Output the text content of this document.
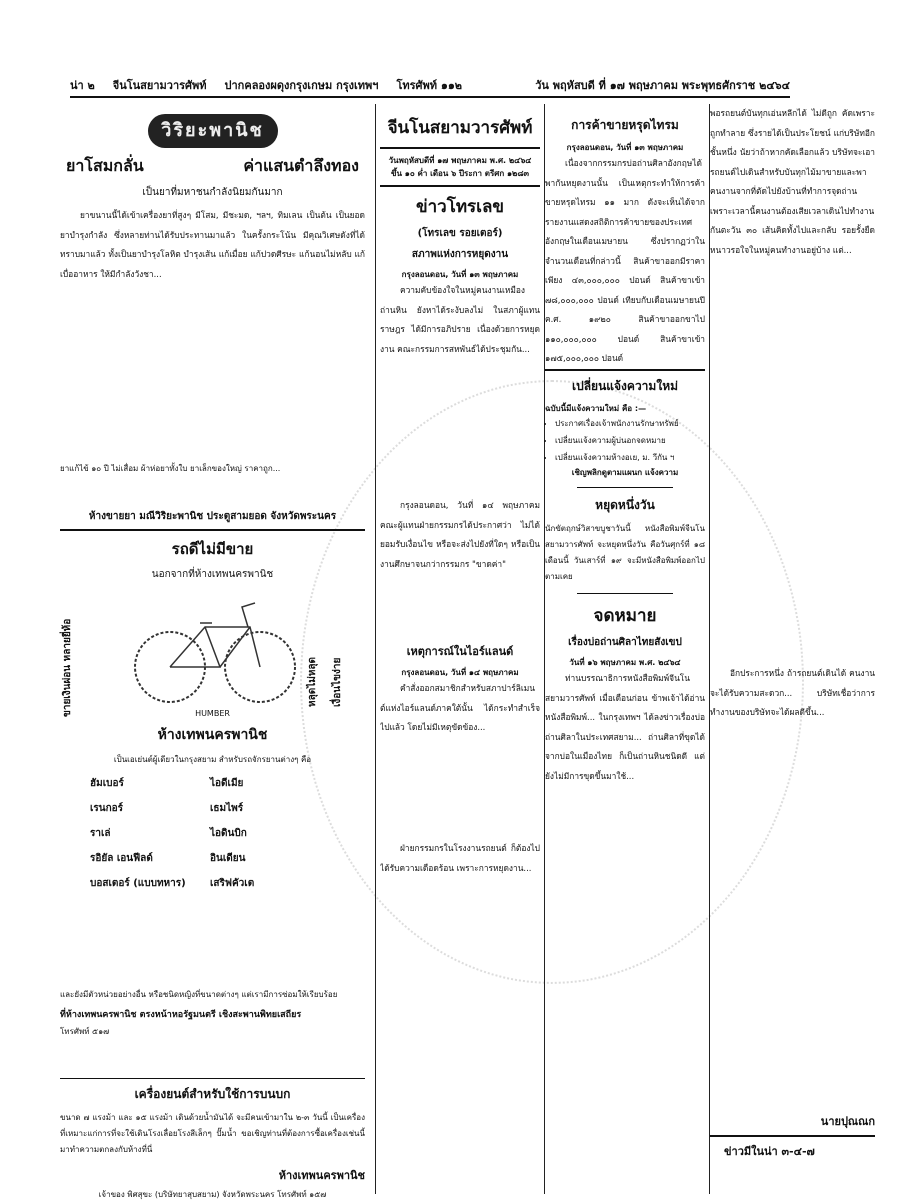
น่า ๒ จีนโนสยามวารศัพท์ ปากคลองผดุงกรุงเกษม กรุงเทพฯ โทรศัพท์ ๑๑๒	วัน พฤหัสบดี ที่ ๑๗ พฤษภาคม พระพุทธศักราช ๒๔๖๔
วิริยะพานิช
ยาโสมกลั่น	ค่าแสนตำลึงทอง
เป็นยาที่มหาชนกำลังนิยมกันมาก

ยาขนานนี้ได้เข้าเครื่องยาที่สูงๆ มีโสม, มีชะมด, ฯลฯ, ทิมเลน เป็นต้น เป็นยอดยาบำรุงกำลัง ซึ่งหลายท่านได้รับประทานมาแล้ว ในครั้งกระโน้น มีคุณวิเศษดังที่ได้ทราบมาแล้ว ทั้งเป็นยาบำรุงโลหิต บำรุงเส้น แก้เมื่อย แก้ปวดศีรษะ แก้นอนไม่หลับ แก้เบื่ออาหาร ให้มีกำลังวังชา...

ยาแก้ไข้ ๑๐ ปี ไม่เสื่อม ผ้าห่อยาทั้งใบ ยาเล็กของใหญ่ ราคาถูก...

ห้างขายยา มณีวิริยะพานิช ประตูสามยอด จังหวัดพระนคร
รถดีไม่มีขาย
นอกจากที่ห้างเทพนครพานิช
ขายเงินผ่อน หลายยี่ห้อ	หลุดไม่หลุด เงื่อนไขง่าย
HUMBER
ห้างเทพนครพานิช
เป็นเอเย่นต์ผู้เดียวในกรุงสยาม สำหรับรถจักรยานต่างๆ คือ
ฮัมเบอร์	ไอดีเมีย
เรนกอร์	เธมไพร์
ราเล่	ไอดินบิก
รอิยัล เอนฟีลด์	อินเดียน
บอสเตอร์ (แบบทหาร)	เสริฟคัวเต

และยังมีตัวหน่วยอย่างอื่น หรือชนิดหญิงที่ขนาดต่างๆ แต่เรามีการซ่อมให้เรียบร้อย

ที่ห้างเทพนครพานิช ตรงหน้าหอรัฐมนตรี เชิงสะพานพิทยเสถียร
โทรศัพท์ ๕๑๗
เครื่องยนต์สำหรับใช้การบนบก

ขนาด ๗ แรงม้า และ ๑๕ แรงม้า เดินด้วยน้ำมันได้ จะมีคนเข้ามาใน ๒-๓ วันนี้ เป็นเครื่องที่เหมาะแก่การที่จะใช้เดินโรงเลื่อยโรงสีเล็กๆ ปั๊มน้ำ ขอเชิญท่านที่ต้องการซื้อเครื่องเช่นนี้ มาทำความตกลงกับห้างที่นี่

ห้างเทพนครพานิช
เจ้าของ พิศสุขะ (บริษัทยาสุบสยาม) จังหวัดพระนคร โทรศัพท์ ๑๕๗
จีนโนสยามวารศัพท์
วันพฤหัสบดีที่ ๑๗ พฤษภาคม พ.ศ. ๒๔๖๔
ขึ้น ๑๐ ค่ำ เดือน ๖ ปีระกา ตรีศก ๑๒๘๓
ข่าวโทรเลข
(โทรเลข รอยเตอร์)
สภาพแห่งการหยุดงาน
กรุงลอนดอน, วันที่ ๑๓ พฤษภาคม

ความคับข้องใจในหมู่คนงานเหมืองถ่านหิน ยังหาได้ระงับลงไม่ ในสภาผู้แทนราษฎร ได้มีการอภิปราย เนื่องด้วยการหยุดงาน คณะกรรมการสหพันธ์ได้ประชุมกัน...

กรุงลอนดอน, วันที่ ๑๔ พฤษภาคม คณะผู้แทนฝ่ายกรรมกรได้ประกาศว่า ไม่ได้ยอมรับเงื่อนไข หรือจะส่งไปยังที่ใดๆ หรือเป็นงานศึกษาจนกว่ากรรมกร "ขาดค่า"

เหตุการณ์ในไอร์แลนด์
กรุงลอนดอน, วันที่ ๑๔ พฤษภาคม

คำสั่งออกสมาชิกสำหรับสภาปาร์ลิเมนต์แห่งไอร์แลนด์ภาคใต้นั้น ได้กระทำสำเร็จไปแล้ว โดยไม่มีเหตุขัดข้อง...

ฝ่ายกรรมกรในโรงงานรถยนต์ ก็ต้องไปได้รับความเดือดร้อน เพราะการหยุดงาน...

การค้าขายหรุดไทรม
กรุงลอนดอน, วันที่ ๑๓ พฤษภาคม

เนื่องจากกรรมกรบ่อถ่านศิลาอังกฤษได้พากันหยุดงานนั้น เป็นเหตุกระทำให้การค้าขายหรุดไทรม ๑๑ มาก ดังจะเห็นได้จากรายงานแสดงสถิติการค้าขายของประเทศอังกฤษในเดือนเมษายน ซึ่งปรากฏว่าในจำนวนเดือนที่กล่าวนี้ สินค้าขาออกมีราคาเพียง ๔๓,๐๐๐,๐๐๐ ปอนด์ สินค้าขาเข้า ๗๘,๐๐๐,๐๐๐ ปอนด์ เทียบกับเดือนเมษายนปี ค.ศ. ๑๙๒๐ สินค้าขาออกขาไป ๑๑๐,๐๐๐,๐๐๐ ปอนด์ สินค้าขาเข้า ๑๗๕,๐๐๐,๐๐๐ ปอนด์

เปลี่ยนแจ้งความใหม่
ฉบับนี้มีแจ้งความใหม่ คือ :—
• ประกาศเรื่องเจ้าพนักงานรักษาทรัพย์
• เปลี่ยนแจ้งความผู้บ่นอกจดหมาย
• เปลี่ยนแจ้งความห้างอเย, ม. วีกัน ฯ
เชิญพลิกดูตามแผนก แจ้งความ
หยุดหนึ่งวัน

นักขัตฤกษ์วิสาขบูชาวันนี้ หนังสือพิมพ์จีนโนสยามวารศัพท์ จะหยุดหนึ่งวัน คือวันศุกร์ที่ ๑๘ เดือนนี้ วันเสาร์ที่ ๑๙ จะมีหนังสือพิมพ์ออกไปตามเคย

จดหมาย
เรื่องบ่อถ่านศิลาไทยสังเขป
วันที่ ๑๖ พฤษภาคม พ.ศ. ๒๔๖๔

ท่านบรรณาธิการหนังสือพิมพ์จีนโนสยามวารศัพท์ เมื่อเดือนก่อน ข้าพเจ้าได้อ่านหนังสือพิมพ์... ในกรุงเทพฯ ได้ลงข่าวเรื่องบ่อถ่านศิลาในประเทศสยาม... ถ่านศิลาที่ขุดได้จากบ่อในเมืองไทย ก็เป็นถ่านหินชนิดดี แต่ยังไม่มีการขุดขึ้นมาใช้...

พอรถยนต์บันทุกเอ่นหลีกได้ ไม่ดีถูก คัดเพราะถูกทำลาย ซึ่งรายได้เป็นประโยชน์ แก่บริษัทอีกชั้นหนึ่ง นัยว่าถ้าหากคัดเลือกแล้ว บริษัทจะเอารถยนต์ไปเดินสำหรับบันทุกไม้มาขายและพาคนงานจากที่ตัดไปยังบ้านที่ทำการจุดถ่าน เพราะเวลานี้คนงานต้องเสียเวลาเดินไปทำงานกันตะวัน ๓๐ เส้นคิดทั้งไปและกลับ รอยรั้งยืดหนาวรอใจในหมู่คนทำงานอยู่บ้าง แต่...

อีกประการหนึ่ง ถ้ารถยนต์เดินได้ คนงานจะได้รับความสะดวก... บริษัทเชื่อว่าการทำงานของบริษัทจะได้ผลดีขึ้น...

นายปุณณก
ข่าวมีในน่า ๓-๔-๗
